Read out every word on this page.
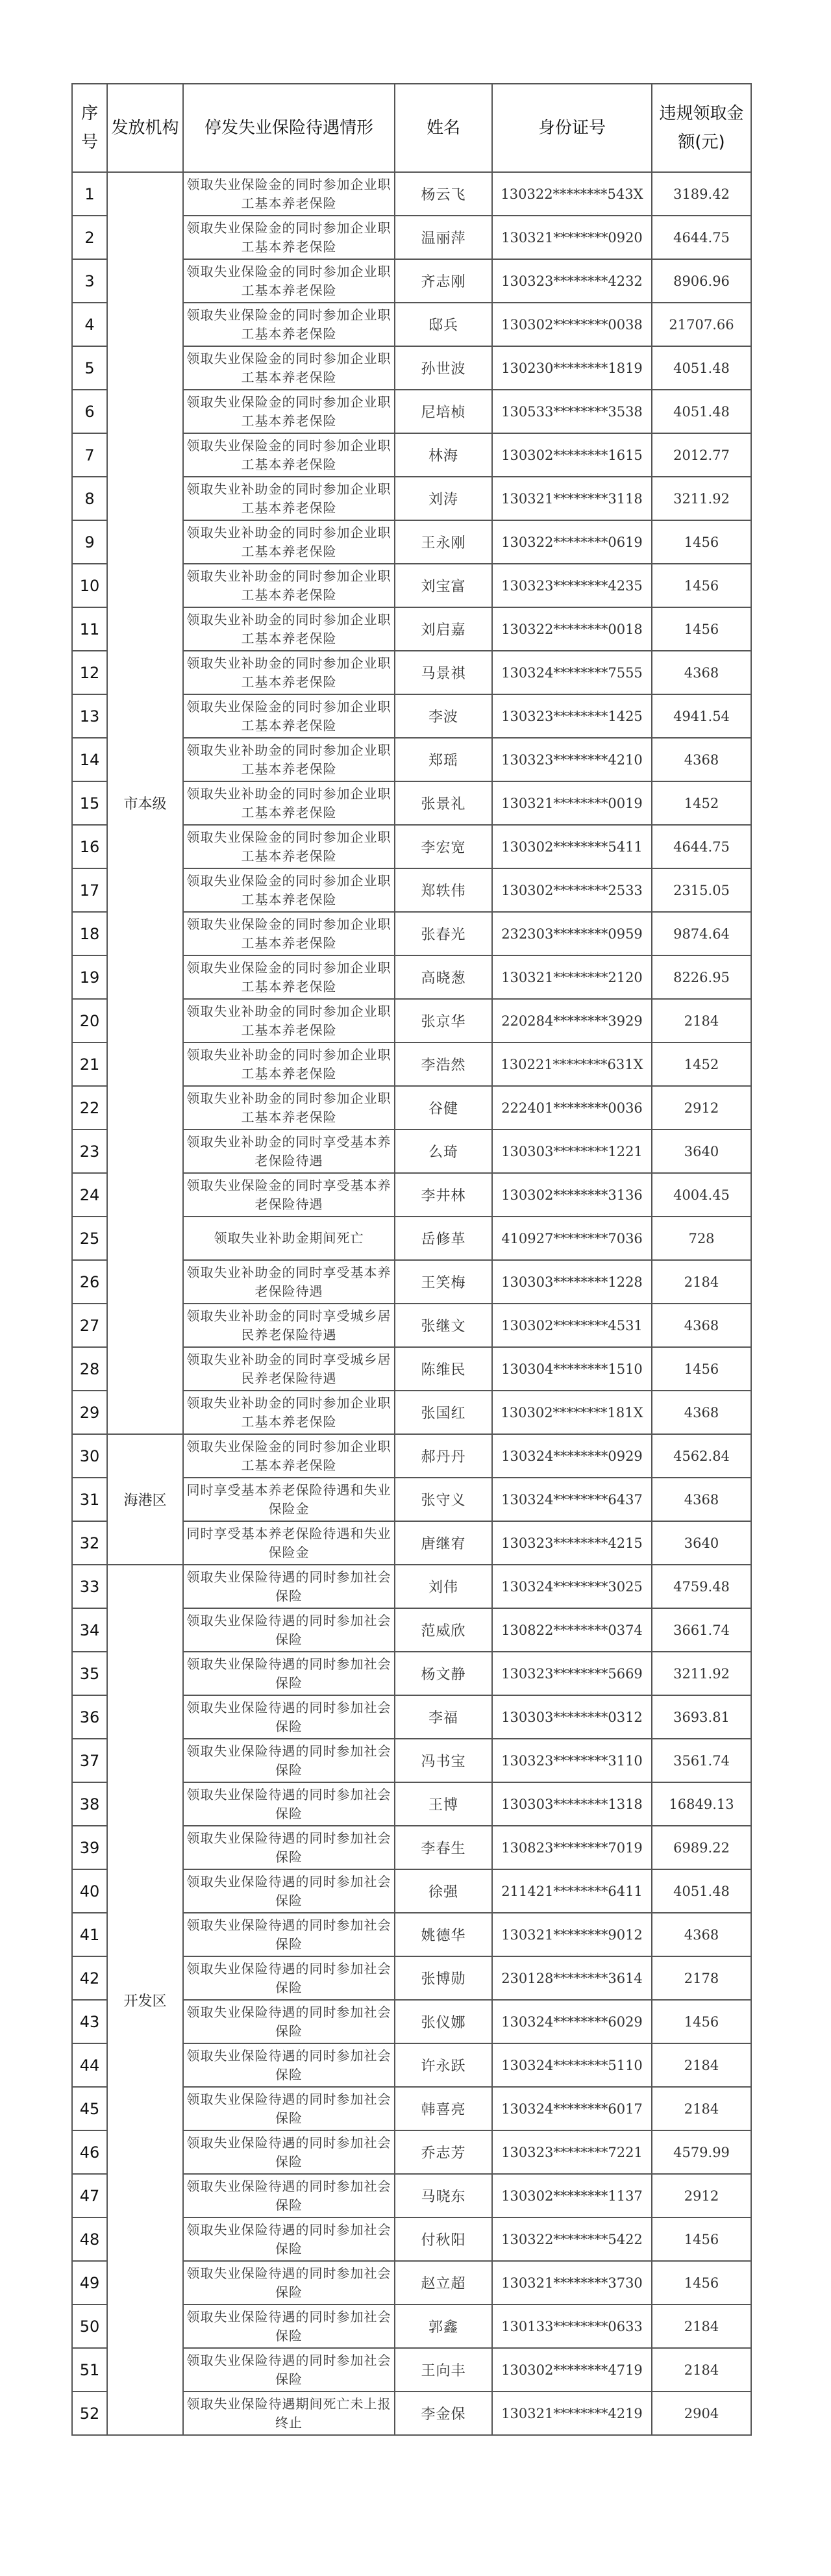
序号	发放机构	停发失业保险待遇情形	姓名	身份证号	违规领取金额(元)
1	市本级	领取失业保险金的同时参加企业职工基本养老保险	杨云飞	130322********543X	3189.42
2		领取失业保险金的同时参加企业职工基本养老保险	温丽萍	130321********0920	4644.75
3		领取失业保险金的同时参加企业职工基本养老保险	齐志刚	130323********4232	8906.96
4		领取失业保险金的同时参加企业职工基本养老保险	邸兵	130302********0038	21707.66
5		领取失业保险金的同时参加企业职工基本养老保险	孙世波	130230********1819	4051.48
6		领取失业保险金的同时参加企业职工基本养老保险	尼培桢	130533********3538	4051.48
7		领取失业保险金的同时参加企业职工基本养老保险	林海	130302********1615	2012.77
8		领取失业补助金的同时参加企业职工基本养老保险	刘涛	130321********3118	3211.92
9		领取失业补助金的同时参加企业职工基本养老保险	王永刚	130322********0619	1456
10		领取失业补助金的同时参加企业职工基本养老保险	刘宝富	130323********4235	1456
11		领取失业补助金的同时参加企业职工基本养老保险	刘启嘉	130322********0018	1456
12		领取失业补助金的同时参加企业职工基本养老保险	马景祺	130324********7555	4368
13		领取失业保险金的同时参加企业职工基本养老保险	李波	130323********1425	4941.54
14		领取失业补助金的同时参加企业职工基本养老保险	郑瑶	130323********4210	4368
15		领取失业补助金的同时参加企业职工基本养老保险	张景礼	130321********0019	1452
16		领取失业保险金的同时参加企业职工基本养老保险	李宏宽	130302********5411	4644.75
17		领取失业保险金的同时参加企业职工基本养老保险	郑轶伟	130302********2533	2315.05
18		领取失业保险金的同时参加企业职工基本养老保险	张春光	232303********0959	9874.64
19		领取失业保险金的同时参加企业职工基本养老保险	高晓葱	130321********2120	8226.95
20		领取失业补助金的同时参加企业职工基本养老保险	张京华	220284********3929	2184
21		领取失业补助金的同时参加企业职工基本养老保险	李浩然	130221********631X	1452
22		领取失业补助金的同时参加企业职工基本养老保险	谷健	222401********0036	2912
23		领取失业补助金的同时享受基本养老保险待遇	么琦	130303********1221	3640
24		领取失业保险金的同时享受基本养老保险待遇	李井林	130302********3136	4004.45
25		领取失业补助金期间死亡	岳修革	410927********7036	728
26		领取失业补助金的同时享受基本养老保险待遇	王笑梅	130303********1228	2184
27		领取失业补助金的同时享受城乡居民养老保险待遇	张继文	130302********4531	4368
28		领取失业补助金的同时享受城乡居民养老保险待遇	陈维民	130304********1510	1456
29		领取失业补助金的同时参加企业职工基本养老保险	张国红	130302********181X	4368
30	海港区	领取失业保险金的同时参加企业职工基本养老保险	郝丹丹	130324********0929	4562.84
31		同时享受基本养老保险待遇和失业保险金	张守义	130324********6437	4368
32		同时享受基本养老保险待遇和失业保险金	唐继宥	130323********4215	3640
33	开发区	领取失业保险待遇的同时参加社会保险	刘伟	130324********3025	4759.48
34		领取失业保险待遇的同时参加社会保险	范威欣	130822********0374	3661.74
35		领取失业保险待遇的同时参加社会保险	杨文静	130323********5669	3211.92
36		领取失业保险待遇的同时参加社会保险	李福	130303********0312	3693.81
37		领取失业保险待遇的同时参加社会保险	冯书宝	130323********3110	3561.74
38		领取失业保险待遇的同时参加社会保险	王博	130303********1318	16849.13
39		领取失业保险待遇的同时参加社会保险	李春生	130823********7019	6989.22
40		领取失业保险待遇的同时参加社会保险	徐强	211421********6411	4051.48
41		领取失业保险待遇的同时参加社会保险	姚德华	130321********9012	4368
42		领取失业保险待遇的同时参加社会保险	张博勋	230128********3614	2178
43		领取失业保险待遇的同时参加社会保险	张仪娜	130324********6029	1456
44		领取失业保险待遇的同时参加社会保险	许永跃	130324********5110	2184
45		领取失业保险待遇的同时参加社会保险	韩喜亮	130324********6017	2184
46		领取失业保险待遇的同时参加社会保险	乔志芳	130323********7221	4579.99
47		领取失业保险待遇的同时参加社会保险	马晓东	130302********1137	2912
48		领取失业保险待遇的同时参加社会保险	付秋阳	130322********5422	1456
49		领取失业保险待遇的同时参加社会保险	赵立超	130321********3730	1456
50		领取失业保险待遇的同时参加社会保险	郭鑫	130133********0633	2184
51		领取失业保险待遇的同时参加社会保险	王向丰	130302********4719	2184
52		领取失业保险待遇期间死亡未上报终止	李金保	130321********4219	2904
